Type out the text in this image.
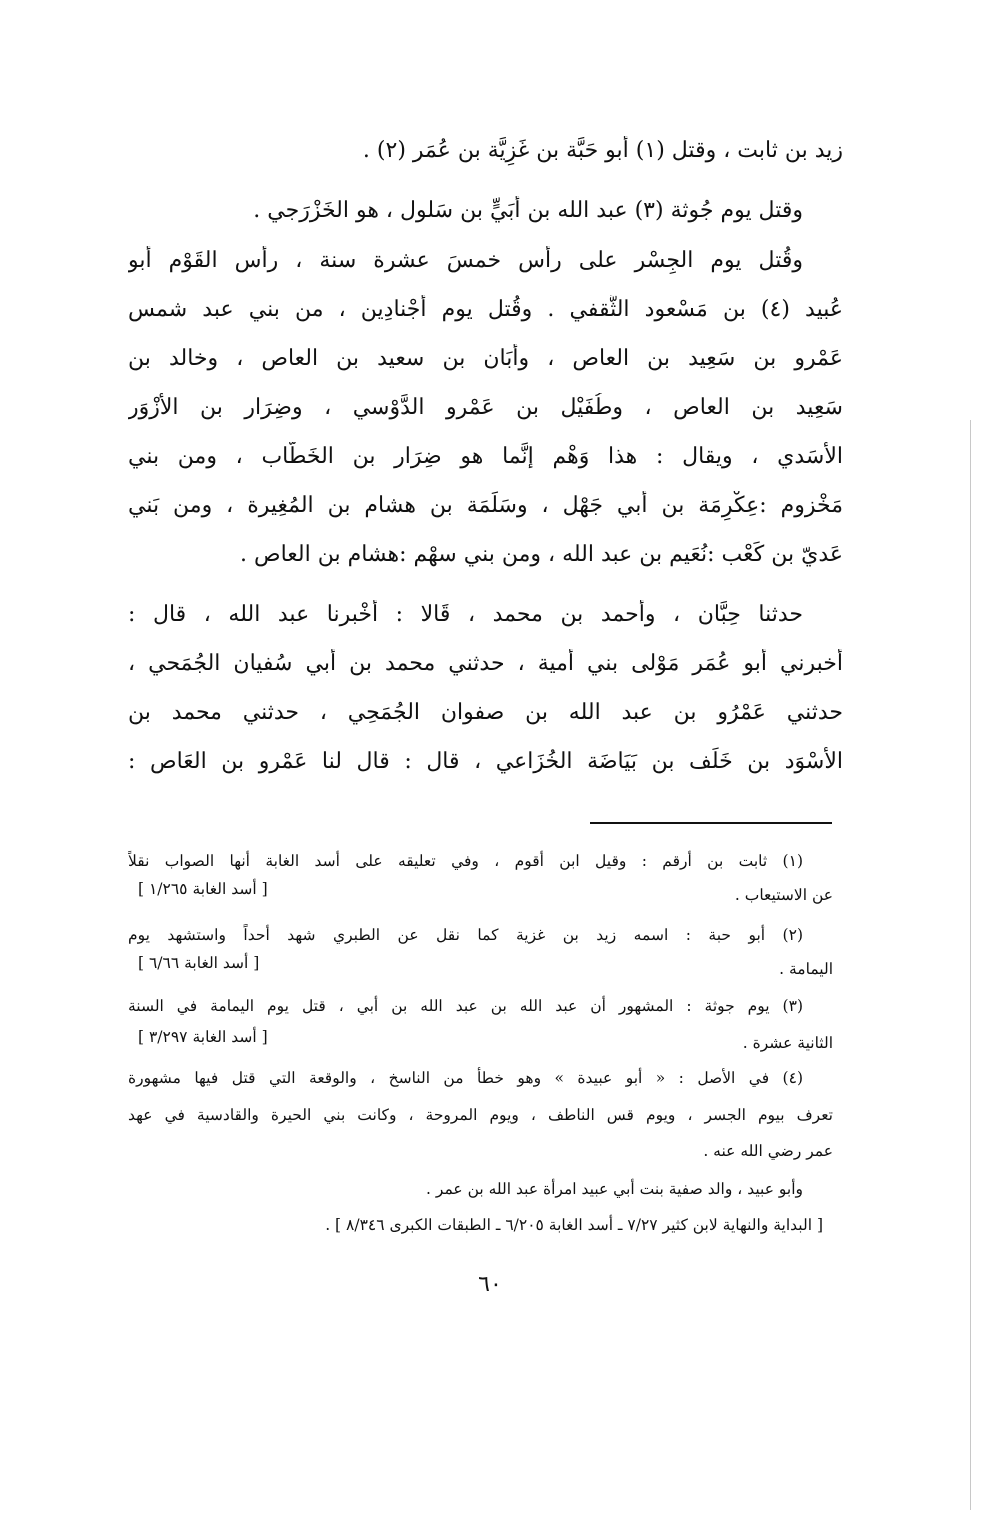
زيد بن ثابت ، وقتل (١) أبو حَبَّة بن غَزِيَّة بن عُمَر (٢) .
وقتل يوم جُوثة (٣) عبد الله بن أُبَيٍّ بن سَلول ، هو الخَزْرَجي .
وقُتل يوم الجِسْر على رأس خمسَ عشرة سنة ، رأس القَوْم أبو
عُبيد (٤) بن مَسْعود الثَّقفي . وقُتل يوم أَجْنادِين ، من بني عبد شمس
عَمْرو بن سَعِيد بن العاص ، وأَبَان بن سعيد بن العاص ، وخالد بن
سَعِيد بن العاص ، وطُفَيْل بن عَمْرو الدَّوْسي ، وضِرَار بن الأَزْوَر
الأَسَدي ، ويقال : هذا وَهْم إنَّما هو ضِرَار بن الخَطّاب ، ومن بني
مَخْزوم :عِكْرِمَة بن أبي جَهْل ، وسَلَمَة بن هشام بن المُغِيرة ، ومن بَني
عَديّ بن كَعْب :نُعَيم بن عبد الله ، ومن بني سهْم :هشام بن العاص .
حدثنا حِبَّان ، وأحمد بن محمد ، قَالا : أَخْبرنا عبد الله ، قال :
أخبرني أبو عُمَر مَوْلى بني أمية ، حدثني محمد بن أبي سُفيان الجُمَحي ،
حدثني عَمْرُو بن عبد الله بن صفوان الجُمَحِي ، حدثني محمد بن
الأَسْوَد بن خَلَف بن بَيَاضَة الخُزَاعي ، قال : قال لنا عَمْرو بن العَاص :
(١) ثابت بن أرقم : وقيل ابن أقوم ، وفي تعليقه على أسد الغابة أنها الصواب نقلاً
عن الاستيعاب .
[ أسد الغابة ١/٢٦٥ ]
(٢) أبو حبة : اسمه زيد بن غزية كما نقل عن الطبري شهد أحداً واستشهد يوم
اليمامة .
[ أسد الغابة ٦/٦٦ ]
(٣) يوم جوثة : المشهور أن عبد الله بن عبد الله بن أبي ، قتل يوم اليمامة في السنة
الثانية عشرة .
[ أسد الغابة ٣/٢٩٧ ]
(٤) في الأصل : « أبو عبيدة » وهو خطأ من الناسخ ، والوقعة التي قتل فيها مشهورة
تعرف بيوم الجسر ، ويوم قس الناطف ، ويوم المروحة ، وكانت بني الحيرة والقادسية في عهد
عمر رضي الله عنه .
وأبو عبيد ، والد صفية بنت أبي عبيد امرأة عبد الله بن عمر .
[ البداية والنهاية لابن كثير ٧/٢٧ ـ أسد الغابة ٦/٢٠٥ ـ الطبقات الكبرى ٨/٣٤٦ ] .
٦٠
